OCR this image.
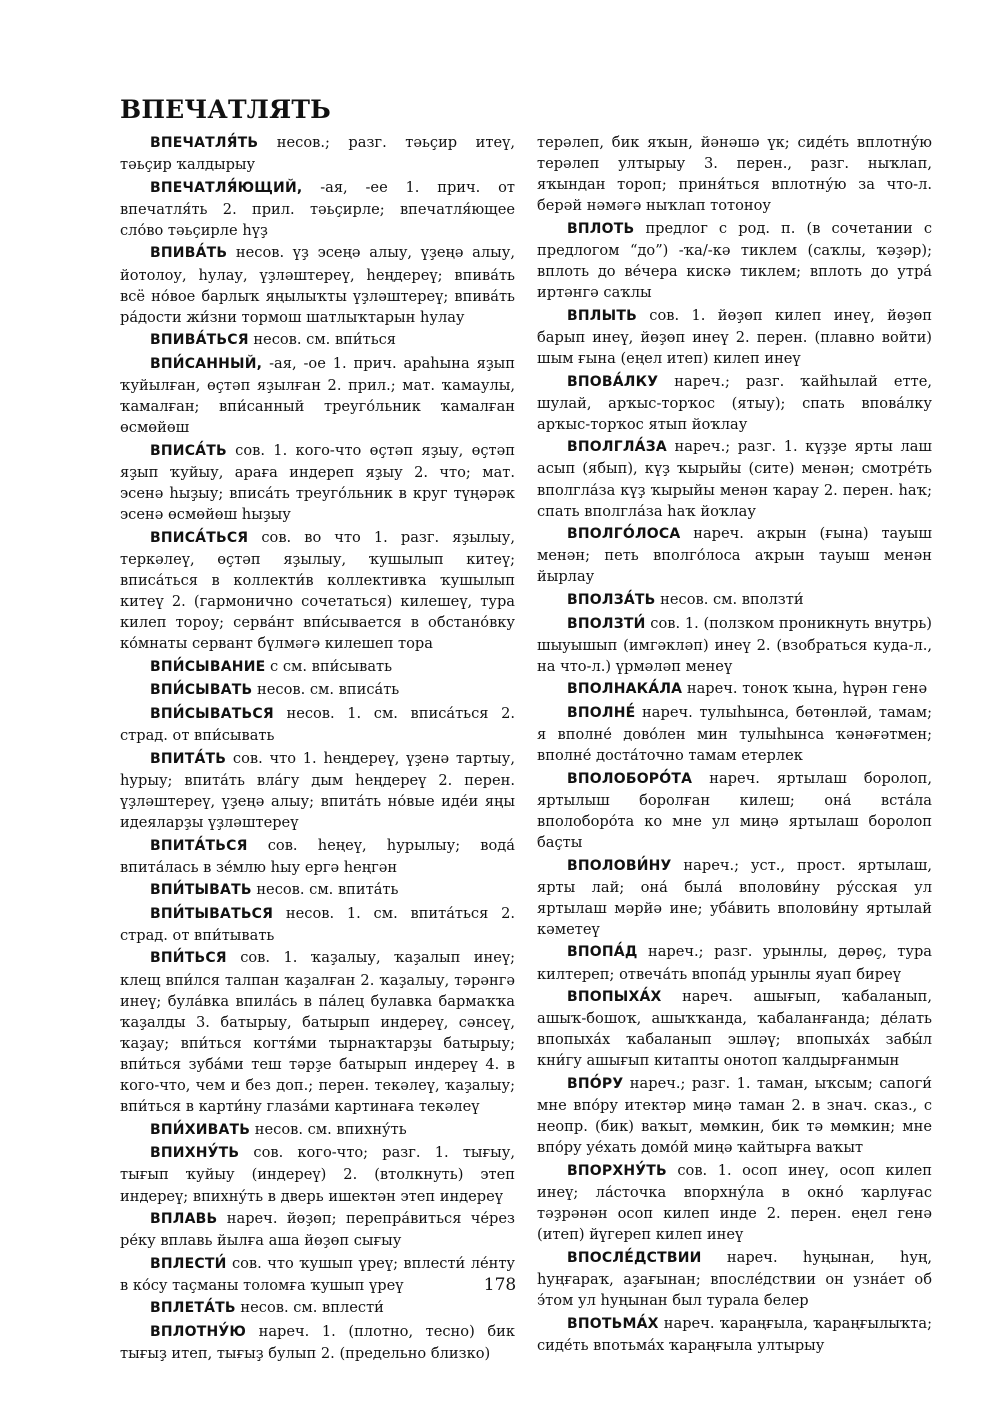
ВПЕЧАТЛЯТЬ

ВПЕЧАТЛЯ́ТЬ несов.; разг. тәьҫир итеү, тәьҫир ҡалдырыу

ВПЕЧАТЛЯ́ЮЩИЙ, -ая, -ее 1. прич. от впечатля́ть 2. прил. тәьҫирле; впечатля́ющее сло́во тәьҫирле һүҙ

ВПИВА́ТЬ несов. үҙ эсеңә алыу, үҙеңә алыу, йотолоу, һулау, үҙләштереү, һеңдереү; впива́ть всё но́вое барлыҡ яңылыҡты үҙләштереү; впива́ть ра́дости жи́зни тормош шатлыҡтарын һулау

ВПИВА́ТЬСЯ несов. см. впи́ться

ВПИ́САННЫЙ, -ая, -ое 1. прич. араһына яҙып ҡуйылған, өҫтәп яҙылған 2. прил.; мат. ҡамаулы, ҡамалған; впи́санный треуго́льник ҡамалған өсмөйөш

ВПИСА́ТЬ сов. 1. кого-что өҫтәп яҙыу, өҫтәп яҙып ҡуйыу, араға индереп яҙыу 2. что; мат. эсенә һыҙыу; вписа́ть треуго́льник в круг түңәрәк эсенә өсмөйөш һыҙыу

ВПИСА́ТЬСЯ сов. во что 1. разг. яҙылыу, теркәлеү, өҫтәп яҙылыу, ҡушылып китеү; впиcа́ться в коллекти́в коллективҡа ҡушылып китеү 2. (гармонично сочетаться) килешеү, тура килеп тороу; серва́нт впи́сывается в обстано́вку ко́мнаты сервант бүлмәгә килешеп тора

ВПИ́СЫВАНИЕ с см. впи́сывать

ВПИ́СЫВАТЬ несов. см. вписа́ть

ВПИ́СЫВАТЬСЯ несов. 1. см. вписа́ться 2. страд. от впи́сывать

ВПИТА́ТЬ сов. что 1. һеңдереү, үҙенә тартыу, һурыу; впита́ть вла́гу дым һеңдереү 2. перен. үҙләштереү, үҙеңә алыу; впита́ть но́вые иде́и яңы идеяларҙы үҙләштереү

ВПИТА́ТЬСЯ сов. һеңеү, һурылыу; вода́ впита́лась в зе́млю һыу ергә һеңгән

ВПИ́ТЫВАТЬ несов. см. впита́ть

ВПИ́ТЫВАТЬСЯ несов. 1. см. впита́ться 2. страд. от впи́тывать

ВПИ́ТЬСЯ сов. 1. ҡаҙалыу, ҡаҙалып инеү; клещ впи́лся талпан ҡаҙалған 2. ҡаҙалыу, тәрәнгә инеү; була́вка впила́сь в па́лец булавка бармаҡҡа ҡаҙалды 3. батырыу, батырып индереү, сәнсеү, ҡаҙау; впи́ться когтя́ми тырнаҡтарҙы батырыу; впи́ться зуба́ми теш тәрҙе батырып индереү 4. в кого-что, чем и без доп.; перен. текәлеү, ҡаҙалыу; впи́ться в карти́ну глаза́ми картинаға текәлеү

ВПИ́ХИВАТЬ несов. см. впихну́ть

ВПИХНУ́ТЬ сов. кого-что; разг. 1. тығыу, тығып ҡуйыу (индереү) 2. (втолкнуть) этеп индереү; впихну́ть в дверь ишектән этеп индереү

ВПЛАВЬ нареч. йөҙөп; перепра́виться че́рез ре́ку вплавь йылға аша йөҙөп сығыу

ВПЛЕСТИ́ сов. что ҡушып үреү; вплести́ ле́нту в ко́су таҫманы толомға ҡушып үреү

ВПЛЕТА́ТЬ несов. см. вплести́

ВПЛОТНУ́Ю нареч. 1. (плотно, тесно) бик тығыҙ итеп, тығыҙ булып 2. (предельно близко)

терәлеп, бик яҡын, йәнәшә үк; сиде́ть вплотну́ю терәлеп ултырыу 3. перен., разг. ныҡлап, яҡындан тороп; приня́ться вплотну́ю за что-л. берәй нәмәгә ныҡлап тотоноу

ВПЛОТЬ предлог с род. п. (в сочетании с предлогом “до”) -ҡа/-кә тиклем (саҡлы, ҡәҙәр); вплоть до ве́чера кискә тиклем; вплоть до утра́ иртәнгә саҡлы

ВПЛЫТЬ сов. 1. йөҙөп килеп инеү, йөҙөп барып инеү, йөҙөп инеү 2. перен. (плавно войти) шым ғына (еңел итеп) килеп инеү

ВПОВА́ЛКУ нареч.; разг. ҡайһылай етте, шулай, арҡыс-торҡос (ятыу); спать впова́лку арҡыс-торҡос ятып йоҡлау

ВПОЛГЛА́ЗА нареч.; разг. 1. күҙҙе ярты лаш асып (ябып), күҙ ҡырыйы (сите) менән; смотре́ть вполгла́за күҙ ҡырыйы менән ҡарау 2. перен. һаҡ; спать вполгла́за һаҡ йоҡлау

ВПОЛГО́ЛОСА нареч. аҡрын (ғына) тауыш менән; петь вполго́лоса аҡрын тауыш менән йырлау

ВПОЛЗА́ТЬ несов. см. вползти́

ВПОЛЗТИ́ сов. 1. (ползком проникнуть внутрь) шыуышып (имгәкләп) инеү 2. (взобраться куда-л., на что-л.) үрмәләп менеү

ВПОЛНАКА́ЛА нареч. тоноҡ ҡына, һүрән генә

ВПОЛНЕ́ нареч. тулыһынса, бөтөнләй, тамам; я вполне́ дово́лен мин тулыһынса ҡәнәғәтмен; вполне́ доста́точно тамам етерлек

ВПОЛОБОРО́ТА нареч. яртылаш боролоп, яртылыш боролған килеш; она́ вста́ла вполоборо́та ко мне ул миңә яртылаш боролоп баҫты

ВПОЛОВИ́НУ нареч.; уст., прост. яртылаш, ярты лай; она́ была́ вполови́ну ру́сская ул яртылаш мәрйә ине; уба́вить вполови́ну яртылай кәметеү

ВПОПА́Д нареч.; разг. урынлы, дөрөҫ, тура килтереп; отвеча́ть впопа́д урынлы яуап биреү

ВПОПЫХА́Х нареч. ашығып, ҡабаланып, ашыҡ-бошоҡ, ашыҡҡанда, ҡабаланғанда; де́лать впопыха́х ҡабаланып эшләү; впопыха́х забы́л кни́гу ашығып китапты онотоп ҡалдырғанмын

ВПО́РУ нареч.; разг. 1. таман, ыҡсым; сапоги́ мне впо́ру итектәр миңә таман 2. в знач. сказ., с неопр. (бик) ваҡыт, мөмкин, бик тә мөмкин; мне впо́ру уе́хать домо́й миңә ҡайтырға ваҡыт

ВПОРХНУ́ТЬ сов. 1. осоп инеү, осоп килеп инеү; ла́сточка впорхну́ла в окно́ ҡарлуғас тәҙрәнән осоп килеп инде 2. перен. еңел генә (итеп) йүгереп килеп инеү

ВПОСЛЕ́ДСТВИИ нареч. һуңынан, һуң, һуңғараҡ, аҙағынан; впосле́дствии он узна́ет об э́том ул һуңынан был турала белер

ВПОТЬМА́Х нареч. ҡараңғыла, ҡараңғылыҡта; сиде́ть впотьма́х ҡараңғыла ултырыу

178
